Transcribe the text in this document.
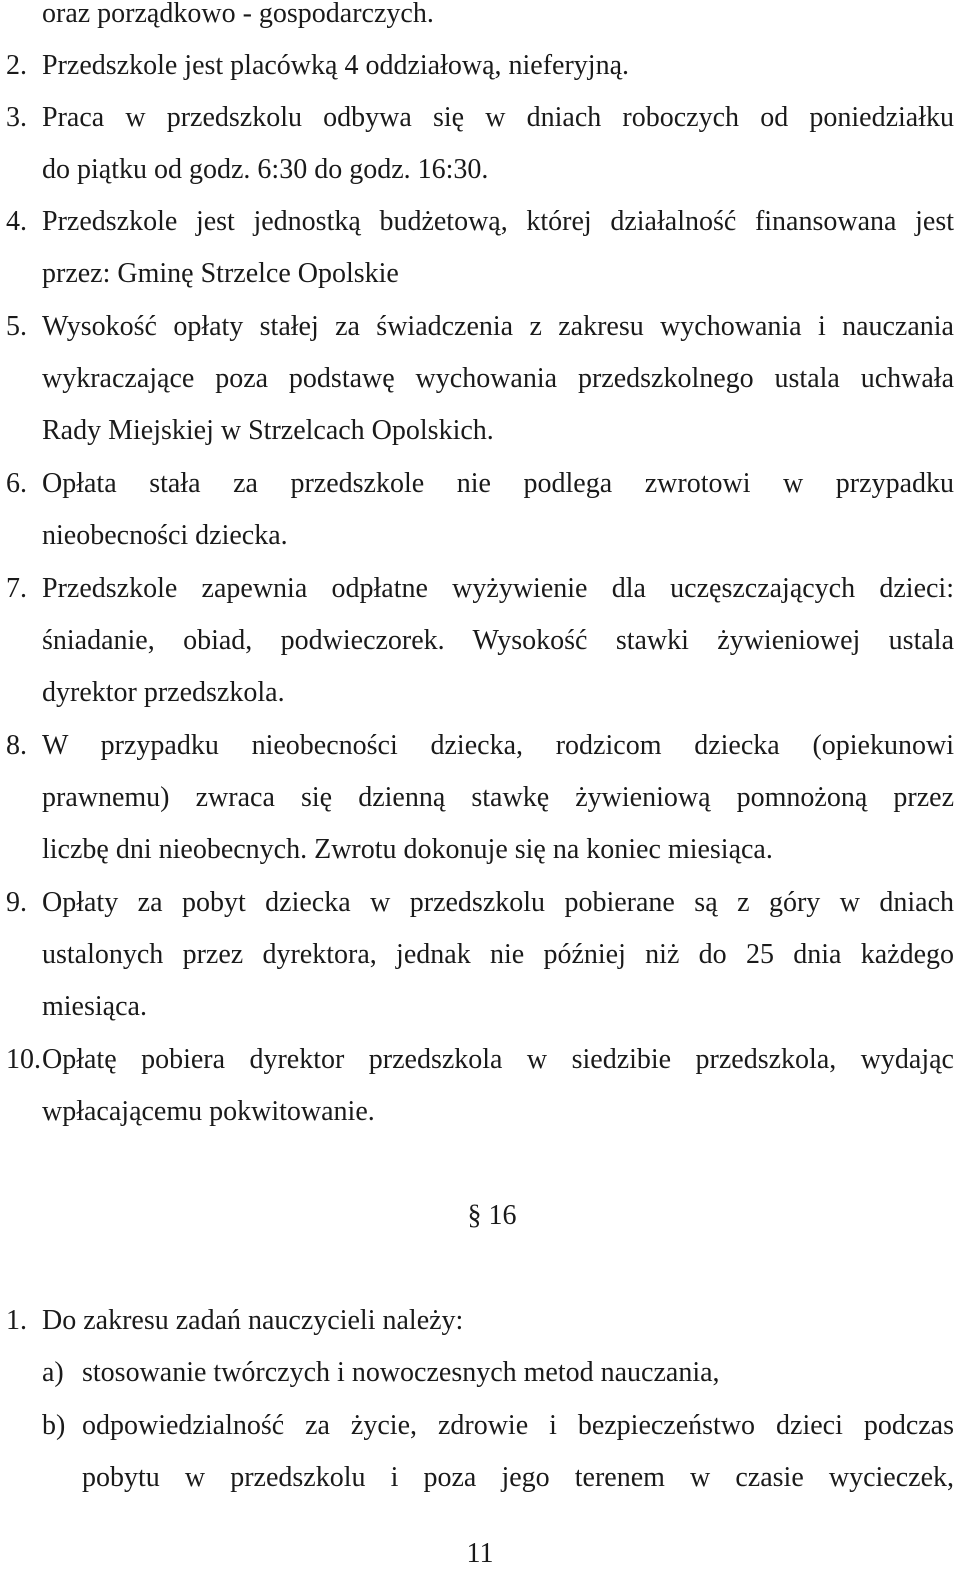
oraz porządkowo - gospodarczych.
2. Przedszkole jest placówką 4 oddziałową, nieferyjną.
3. Praca w przedszkolu odbywa się w dniach roboczych od poniedziałku
do piątku od godz. 6:30 do godz. 16:30.
4. Przedszkole jest jednostką budżetową, której działalność finansowana jest
przez: Gminę Strzelce Opolskie
5. Wysokość opłaty stałej za świadczenia z zakresu wychowania i nauczania
wykraczające poza podstawę wychowania przedszkolnego ustala uchwała
Rady Miejskiej w Strzelcach Opolskich.
6. Opłata stała za przedszkole nie podlega zwrotowi w przypadku
nieobecności dziecka.
7. Przedszkole zapewnia odpłatne wyżywienie dla uczęszczających dzieci:
śniadanie, obiad, podwieczorek. Wysokość stawki żywieniowej ustala
dyrektor przedszkola.
8. W przypadku nieobecności dziecka, rodzicom dziecka (opiekunowi
prawnemu) zwraca się dzienną stawkę żywieniową pomnożoną przez
liczbę dni nieobecnych. Zwrotu dokonuje się na koniec miesiąca.
9. Opłaty za pobyt dziecka w przedszkolu pobierane są z góry w dniach
ustalonych przez dyrektora, jednak nie później niż do 25 dnia każdego
miesiąca.
10. Opłatę pobiera dyrektor przedszkola w siedzibie przedszkola, wydając
wpłacającemu pokwitowanie.
§ 16
1. Do zakresu zadań nauczycieli należy:
a) stosowanie twórczych i nowoczesnych metod nauczania,
b) odpowiedzialność za życie, zdrowie i bezpieczeństwo dzieci podczas
pobytu w przedszkolu i poza jego terenem w czasie wycieczek,
11
